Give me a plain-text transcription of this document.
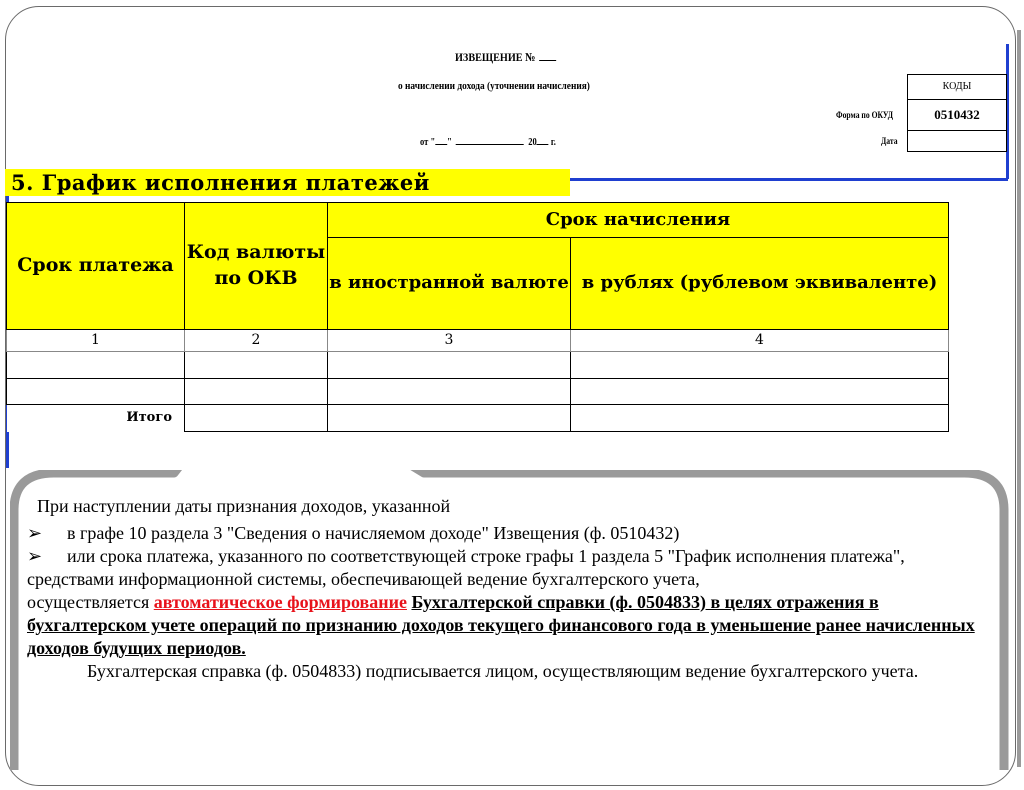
ИЗВЕЩЕНИЕ №
о начислении дохода (уточнении начисления)
от " "	20 г.
Форма по ОКУД
Дата
КОДЫ
0510432
5. График исполнения платежей
Срок платежа	Код валюты по ОКВ	Срок начисления	
		в иностранной валюте	в рублях (рублевом эквиваленте)
1	2	3	4

Итого			

При наступлении даты признания доходов, указанной

➢	в графе 10 раздела 3 "Сведения о начисляемом доходе" Извещения (ф. 0510432)
➢	или срока платежа, указанного по соответствующей строке графы 1 раздела 5 "График исполнения платежа",

средствами информационной системы, обеспечивающей ведение бухгалтерского учета,

осуществляется автоматическое формирование Бухгалтерской справки (ф. 0504833) в целях отражения в бухгалтерском учете операций по признанию доходов текущего финансового года в уменьшение ранее начисленных доходов будущих периодов.

Бухгалтерская справка (ф. 0504833) подписывается лицом, осуществляющим ведение бухгалтерского учета.
